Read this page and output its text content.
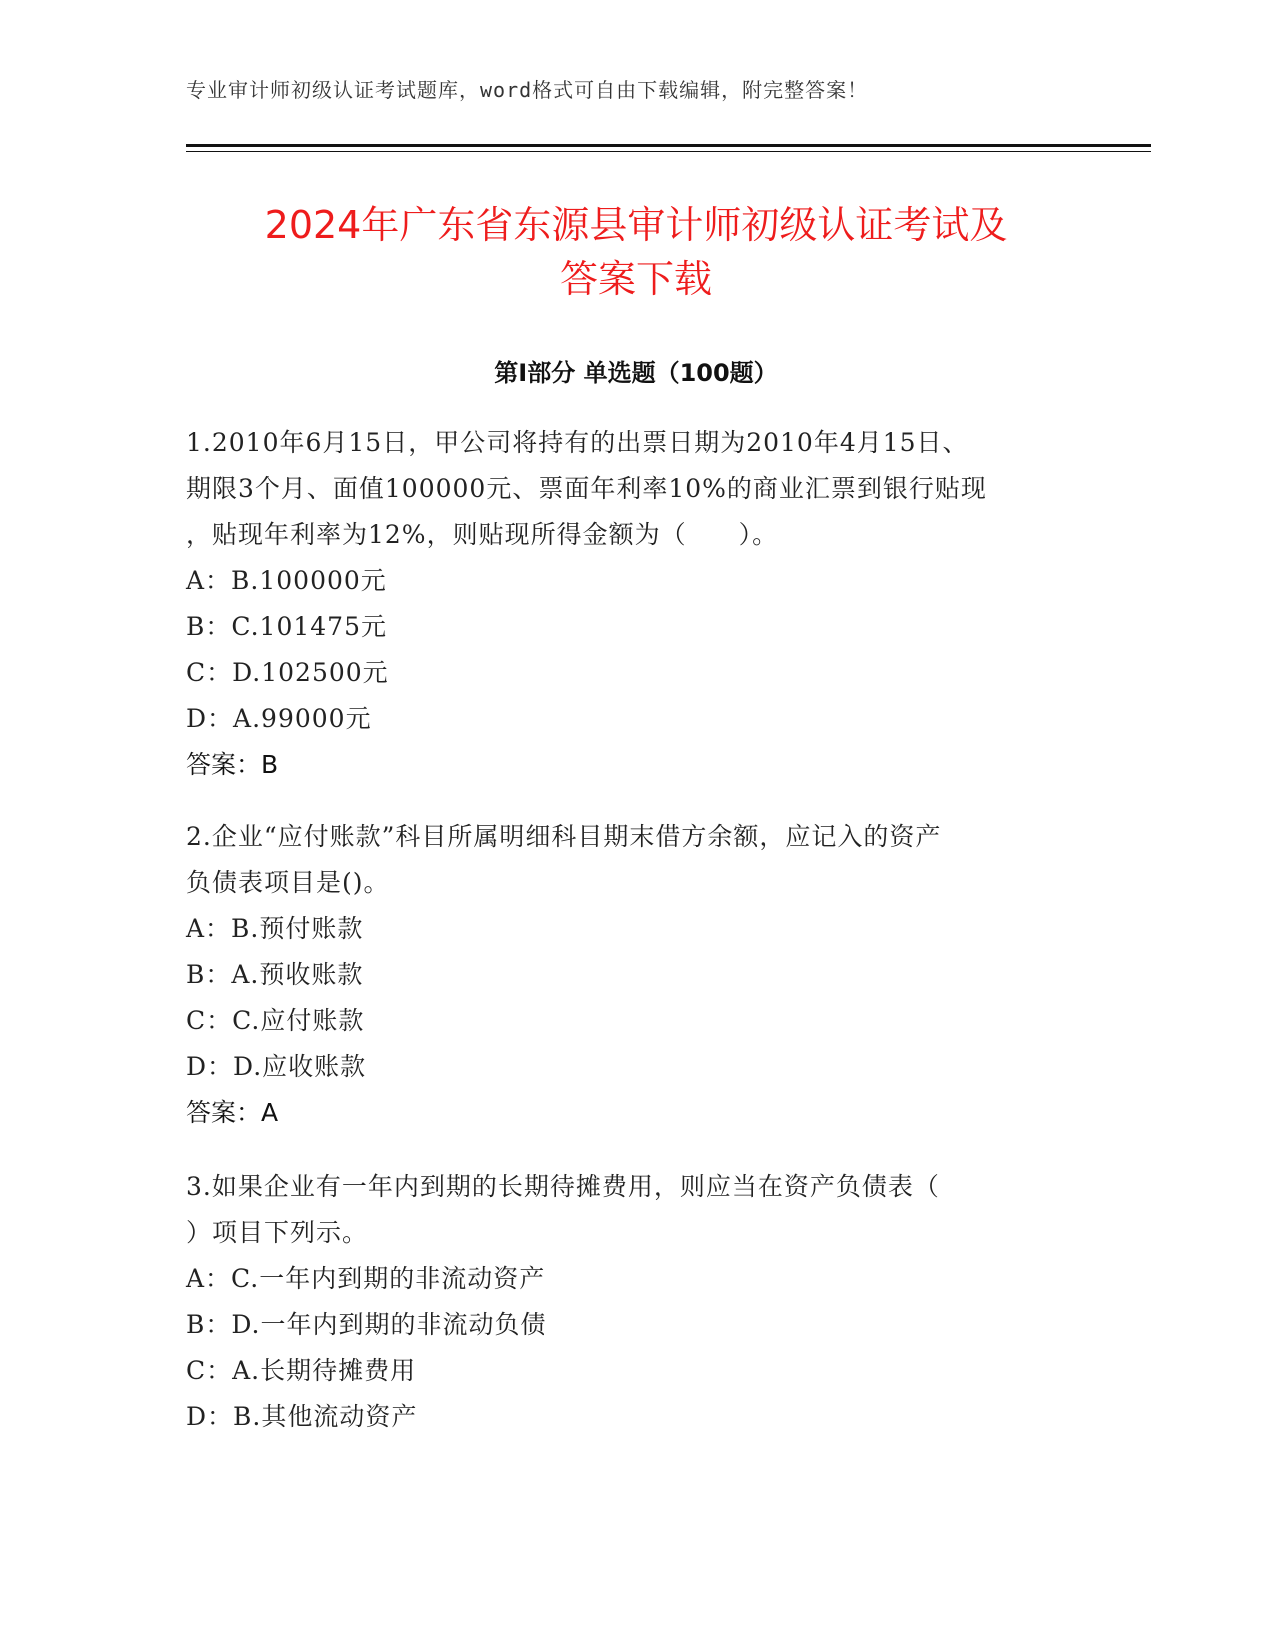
专业审计师初级认证考试题库，word格式可自由下载编辑，附完整答案！
2024年广东省东源县审计师初级认证考试及
答案下载
第Ⅰ部分 单选题（100题）

1.2010年6月15日，甲公司将持有的出票日期为2010年4月15日、
期限3个月、面值100000元、票面年利率10%的商业汇票到银行贴现
，贴现年利率为12%，则贴现所得金额为（　　）。

A：B.100000元
B：C.101475元
C：D.102500元
D：A.99000元
答案：B

2.企业“应付账款”科目所属明细科目期末借方余额，应记入的资产
负债表项目是()。

A：B.预付账款
B：A.预收账款
C：C.应付账款
D：D.应收账款
答案：A

3.如果企业有一年内到期的长期待摊费用，则应当在资产负债表（
）项目下列示。

A：C.一年内到期的非流动资产
B：D.一年内到期的非流动负债
C：A.长期待摊费用
D：B.其他流动资产
